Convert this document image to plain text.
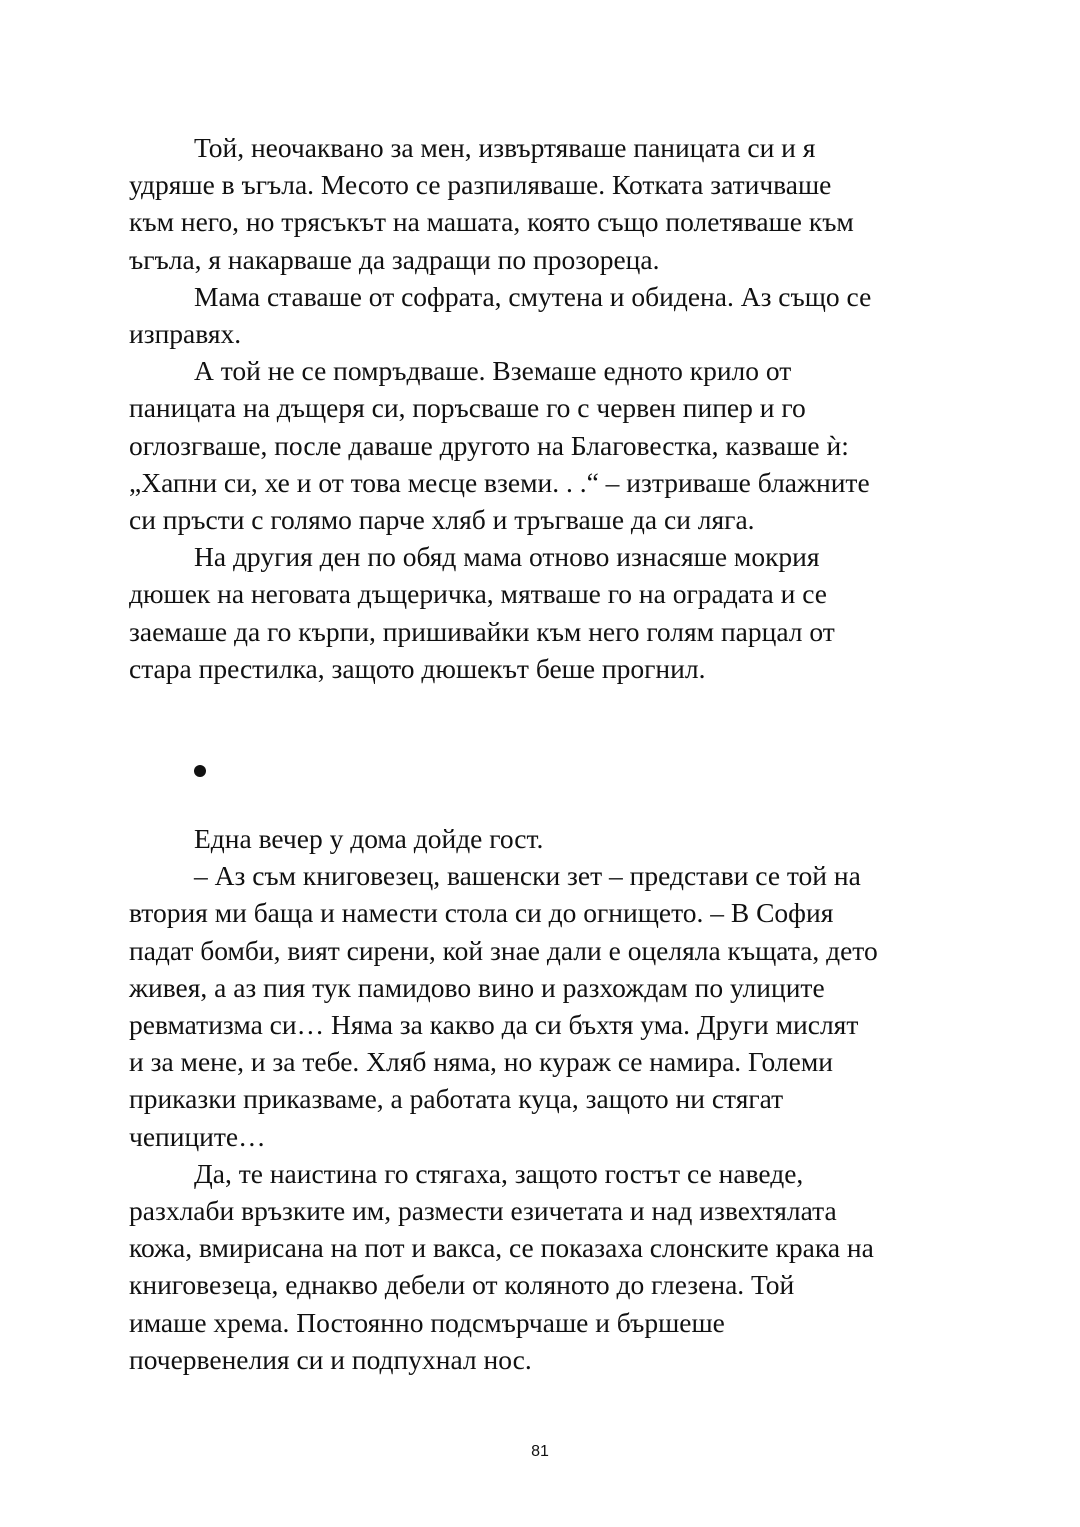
Той, неочаквано за мен, извъртяваше паницата си и я
удряше в ъгъла. Месото се разпиляваше. Котката затичваше
към него, но трясъкът на машата, която също полетяваше към
ъгъла, я накарваше да задращи по прозореца.

Мама ставаше от софрата, смутена и обидена. Аз също се
изправях.

А той не се помръдваше. Вземаше едното крило от
паницата на дъщеря си, поръсваше го с червен пипер и го
оглозгваше, после даваше другото на Благовестка, казваше ѝ:
„Хапни си, хе и от това месце вземи. . .“ – изтриваше блажните
си пръсти с голямо парче хляб и тръгваше да си ляга.

На другия ден по обяд мама отново изнасяше мокрия
дюшек на неговата дъщеричка, мятваше го на оградата и се
заемаше да го кърпи, пришивайки към него голям парцал от
стара престилка, защото дюшекът беше прогнил.

Една вечер у дома дойде гост.

– Аз съм книговезец, вашенски зет – представи се той на
втория ми баща и намести стола си до огнището. – В София
падат бомби, вият сирени, кой знае дали е оцеляла къщата, дето
живея, а аз пия тук памидово вино и разхождам по улиците
ревматизма си… Няма за какво да си бъхтя ума. Други мислят
и за мене, и за тебе. Хляб няма, но кураж се намира. Големи
приказки приказваме, а работата куца, защото ни стягат
чепиците…

Да, те наистина го стягаха, защото гостът се наведе,
разхлаби връзките им, размести езичетата и над извехтялата
кожа, вмирисана на пот и вакса, се показаха слонските крака на
книговезеца, еднакво дебели от коляното до глезена. Той
имаше хрема. Постоянно подсмърчаше и бършеше
почервенелия си и подпухнал нос.

81
